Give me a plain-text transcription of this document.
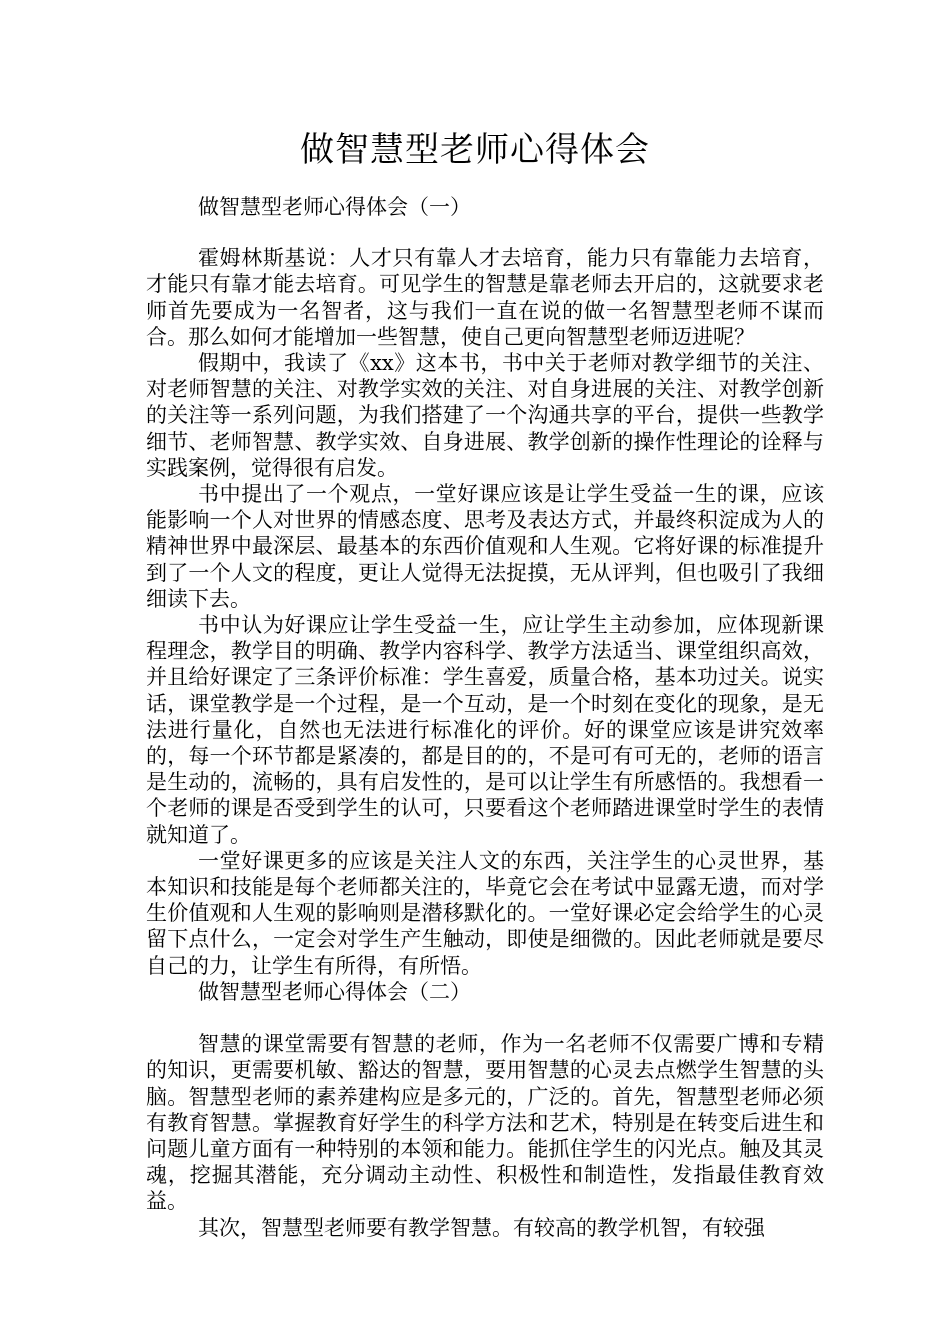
做智慧型老师心得体会

做智慧型老师心得体会（一）

霍姆林斯基说：人才只有靠人才去培育，能力只有靠能力去培育，才能只有靠才能去培育。可见学生的智慧是靠老师去开启的，这就要求老师首先要成为一名智者，这与我们一直在说的做一名智慧型老师不谋而合。那么如何才能增加一些智慧，使自己更向智慧型老师迈进呢？

假期中，我读了《xx》这本书，书中关于老师对教学细节的关注、对老师智慧的关注、对教学实效的关注、对自身进展的关注、对教学创新的关注等一系列问题，为我们搭建了一个沟通共享的平台，提供一些教学细节、老师智慧、教学实效、自身进展、教学创新的操作性理论的诠释与实践案例，觉得很有启发。

书中提出了一个观点，一堂好课应该是让学生受益一生的课，应该能影响一个人对世界的情感态度、思考及表达方式，并最终积淀成为人的精神世界中最深层、最基本的东西价值观和人生观。它将好课的标准提升到了一个人文的程度，更让人觉得无法捉摸，无从评判，但也吸引了我细细读下去。

书中认为好课应让学生受益一生，应让学生主动参加，应体现新课程理念，教学目的明确、教学内容科学、教学方法适当、课堂组织高效，并且给好课定了三条评价标准：学生喜爱，质量合格，基本功过关。说实话，课堂教学是一个过程，是一个互动，是一个时刻在变化的现象，是无法进行量化，自然也无法进行标准化的评价。好的课堂应该是讲究效率的，每一个环节都是紧凑的，都是目的的，不是可有可无的，老师的语言是生动的，流畅的，具有启发性的，是可以让学生有所感悟的。我想看一个老师的课是否受到学生的认可，只要看这个老师踏进课堂时学生的表情就知道了。

一堂好课更多的应该是关注人文的东西，关注学生的心灵世界，基本知识和技能是每个老师都关注的，毕竟它会在考试中显露无遗，而对学生价值观和人生观的影响则是潜移默化的。一堂好课必定会给学生的心灵留下点什么，一定会对学生产生触动，即使是细微的。因此老师就是要尽自己的力，让学生有所得，有所悟。

做智慧型老师心得体会（二）

智慧的课堂需要有智慧的老师，作为一名老师不仅需要广博和专精的知识，更需要机敏、豁达的智慧，要用智慧的心灵去点燃学生智慧的头脑。智慧型老师的素养建构应是多元的，广泛的。首先，智慧型老师必须有教育智慧。掌握教育好学生的科学方法和艺术，特别是在转变后进生和问题儿童方面有一种特别的本领和能力。能抓住学生的闪光点。触及其灵魂，挖掘其潜能，充分调动主动性、积极性和制造性，发指最佳教育效益。

其次，智慧型老师要有教学智慧。有较高的教学机智，有较强
